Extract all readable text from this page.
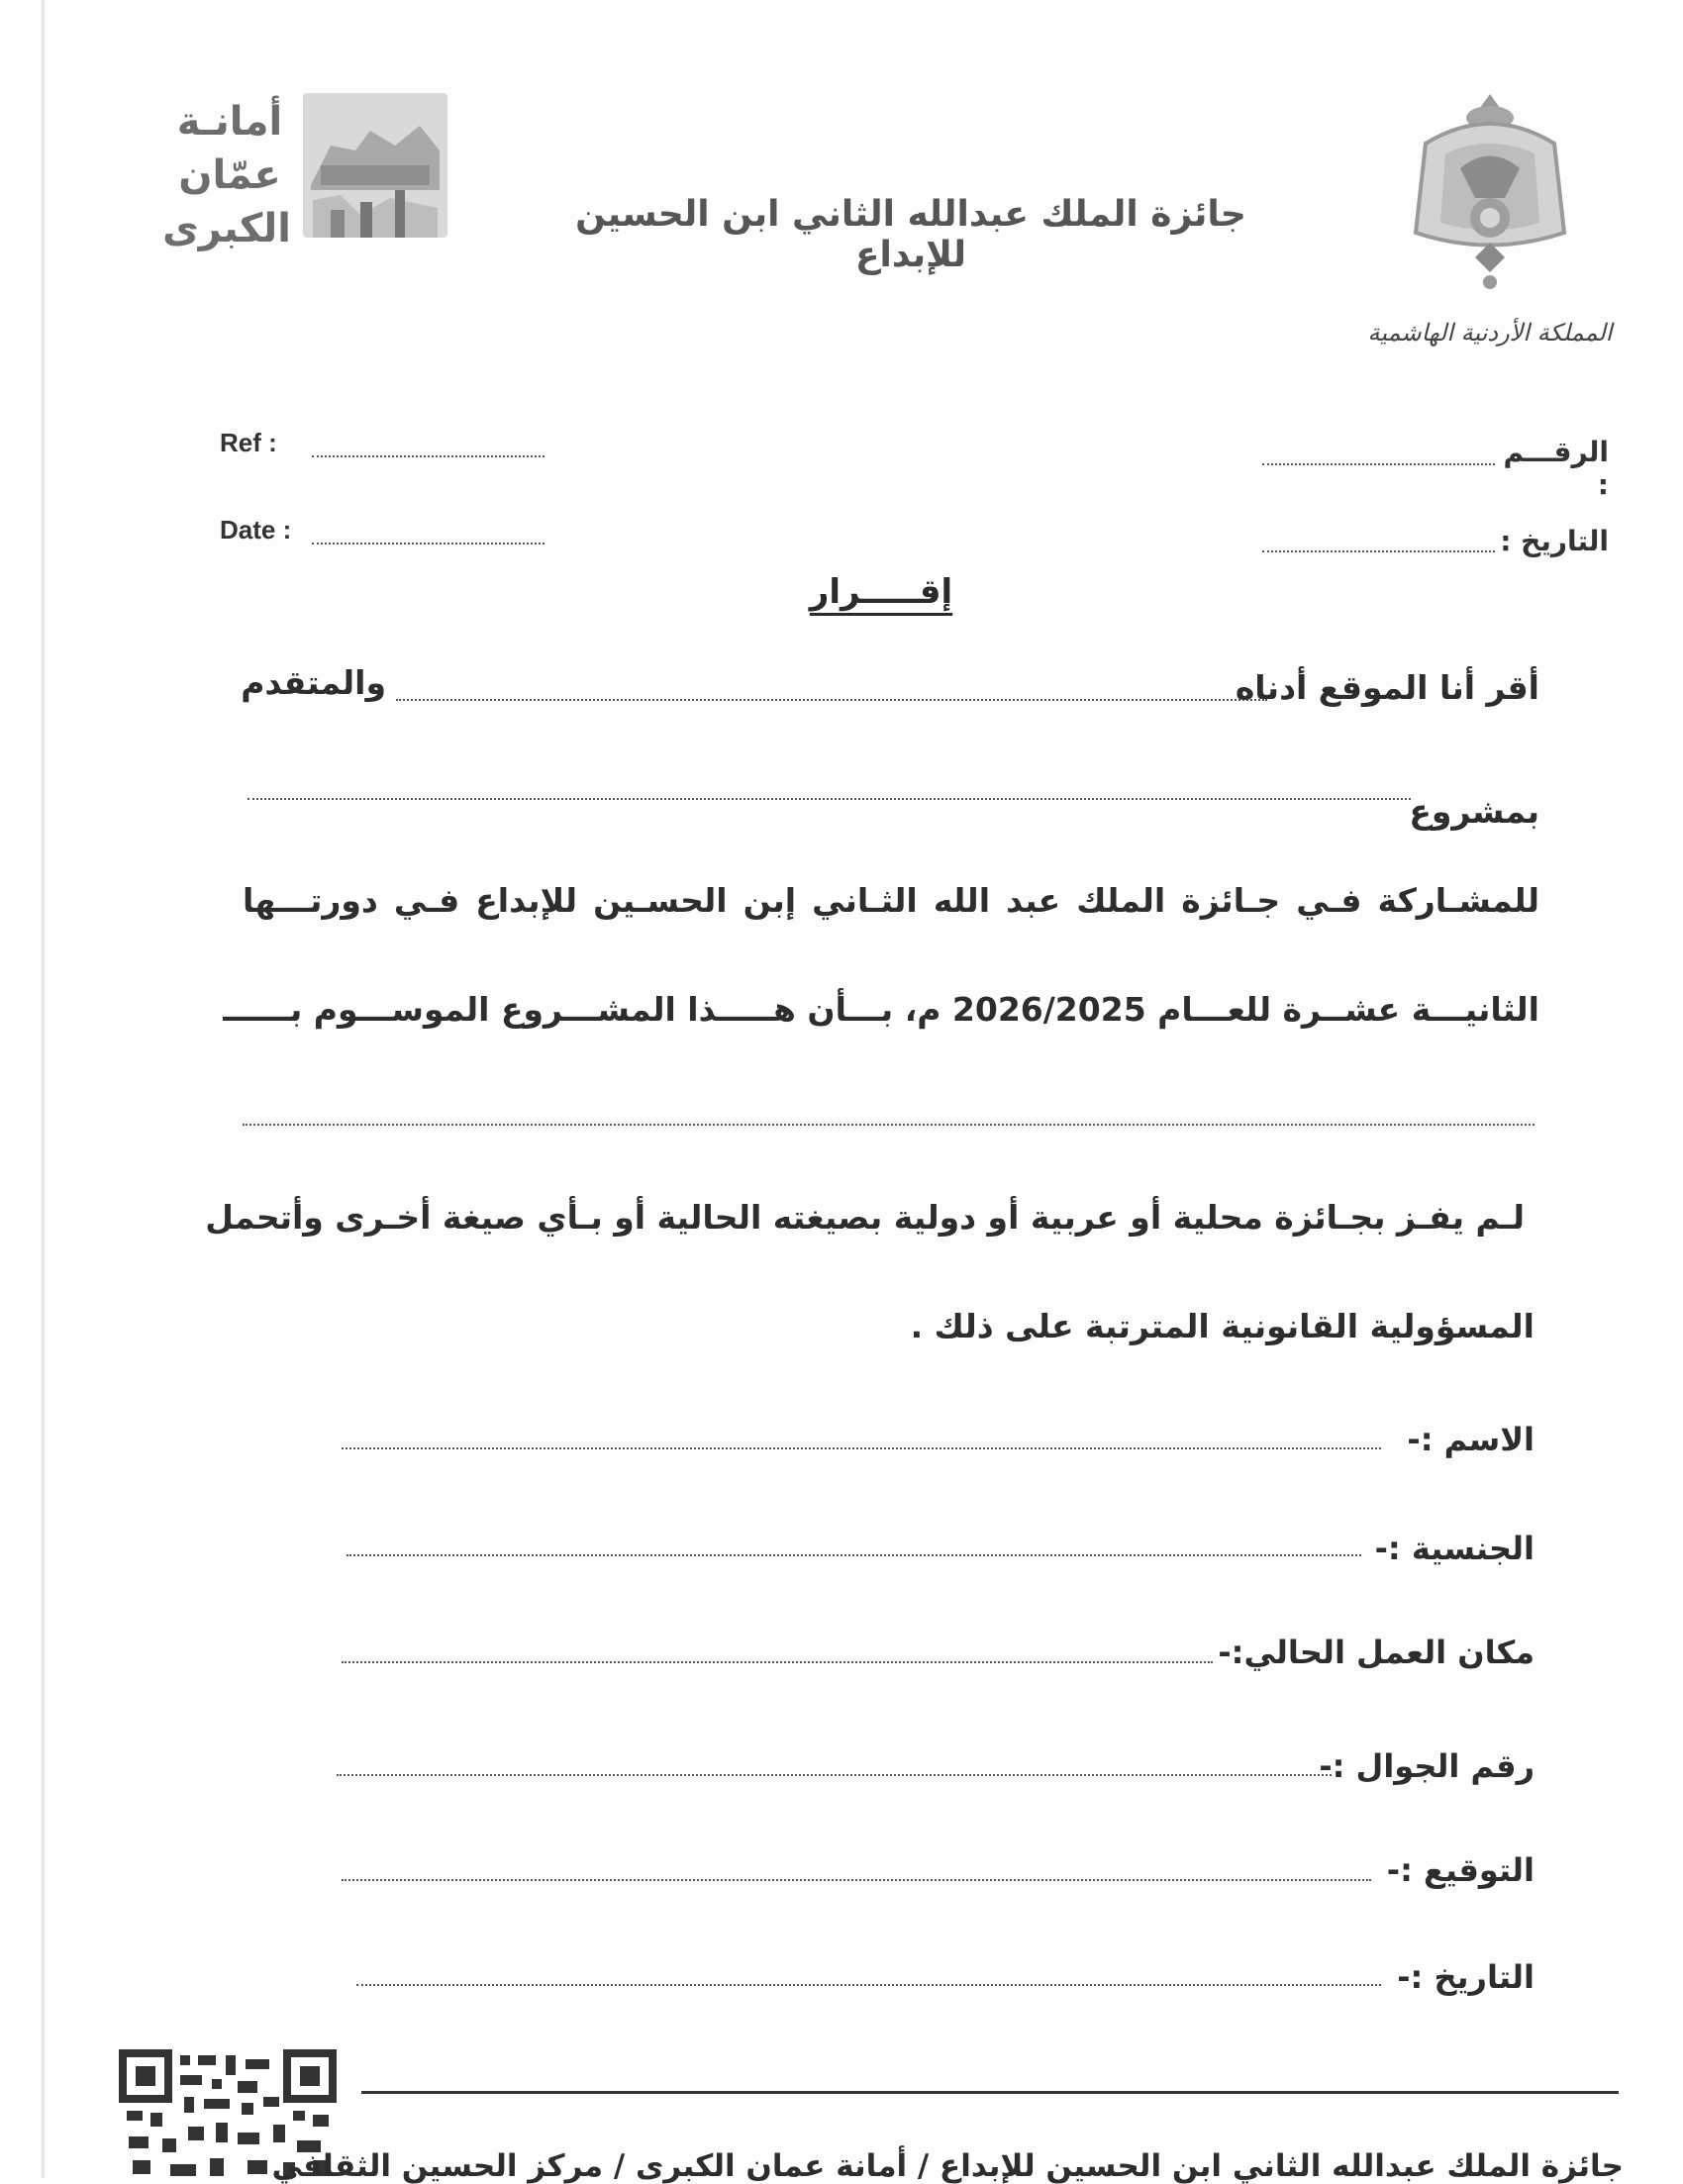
أمانـة
عمّان
الكبرى	جائزة الملك عبدالله الثاني ابن الحسين للإبداع
المملكة الأردنية الهاشمية
Ref :
Date :
الرقـــم :
التاريخ :
إقـــــرار
أقر أنا الموقع أدناه
والمتقدم
بمشروع
للمشـاركة فـي جـائزة الملك عبد الله الثـاني إبن الحسـين للإبداع فـي دورتـــها
الثانيـــة عشــرة للعـــام 2026/2025 م، بـــأن هـــــذا المشـــروع الموســـوم بــــــ
لـم يفـز بجـائزة محلية أو عربية أو دولية بصيغته الحالية أو بـأي صيغة أخـرى وأتحمل
المسؤولية القانونية المترتبة على ذلك .
الاسم :-
الجنسية :-
مكان العمل الحالي:-
رقم الجوال :-
التوقيع :-
التاريخ :-
جائزة الملك عبدالله الثاني ابن الحسين للإبداع / أمانة عمان الكبرى / مركز الحسين الثقافي
